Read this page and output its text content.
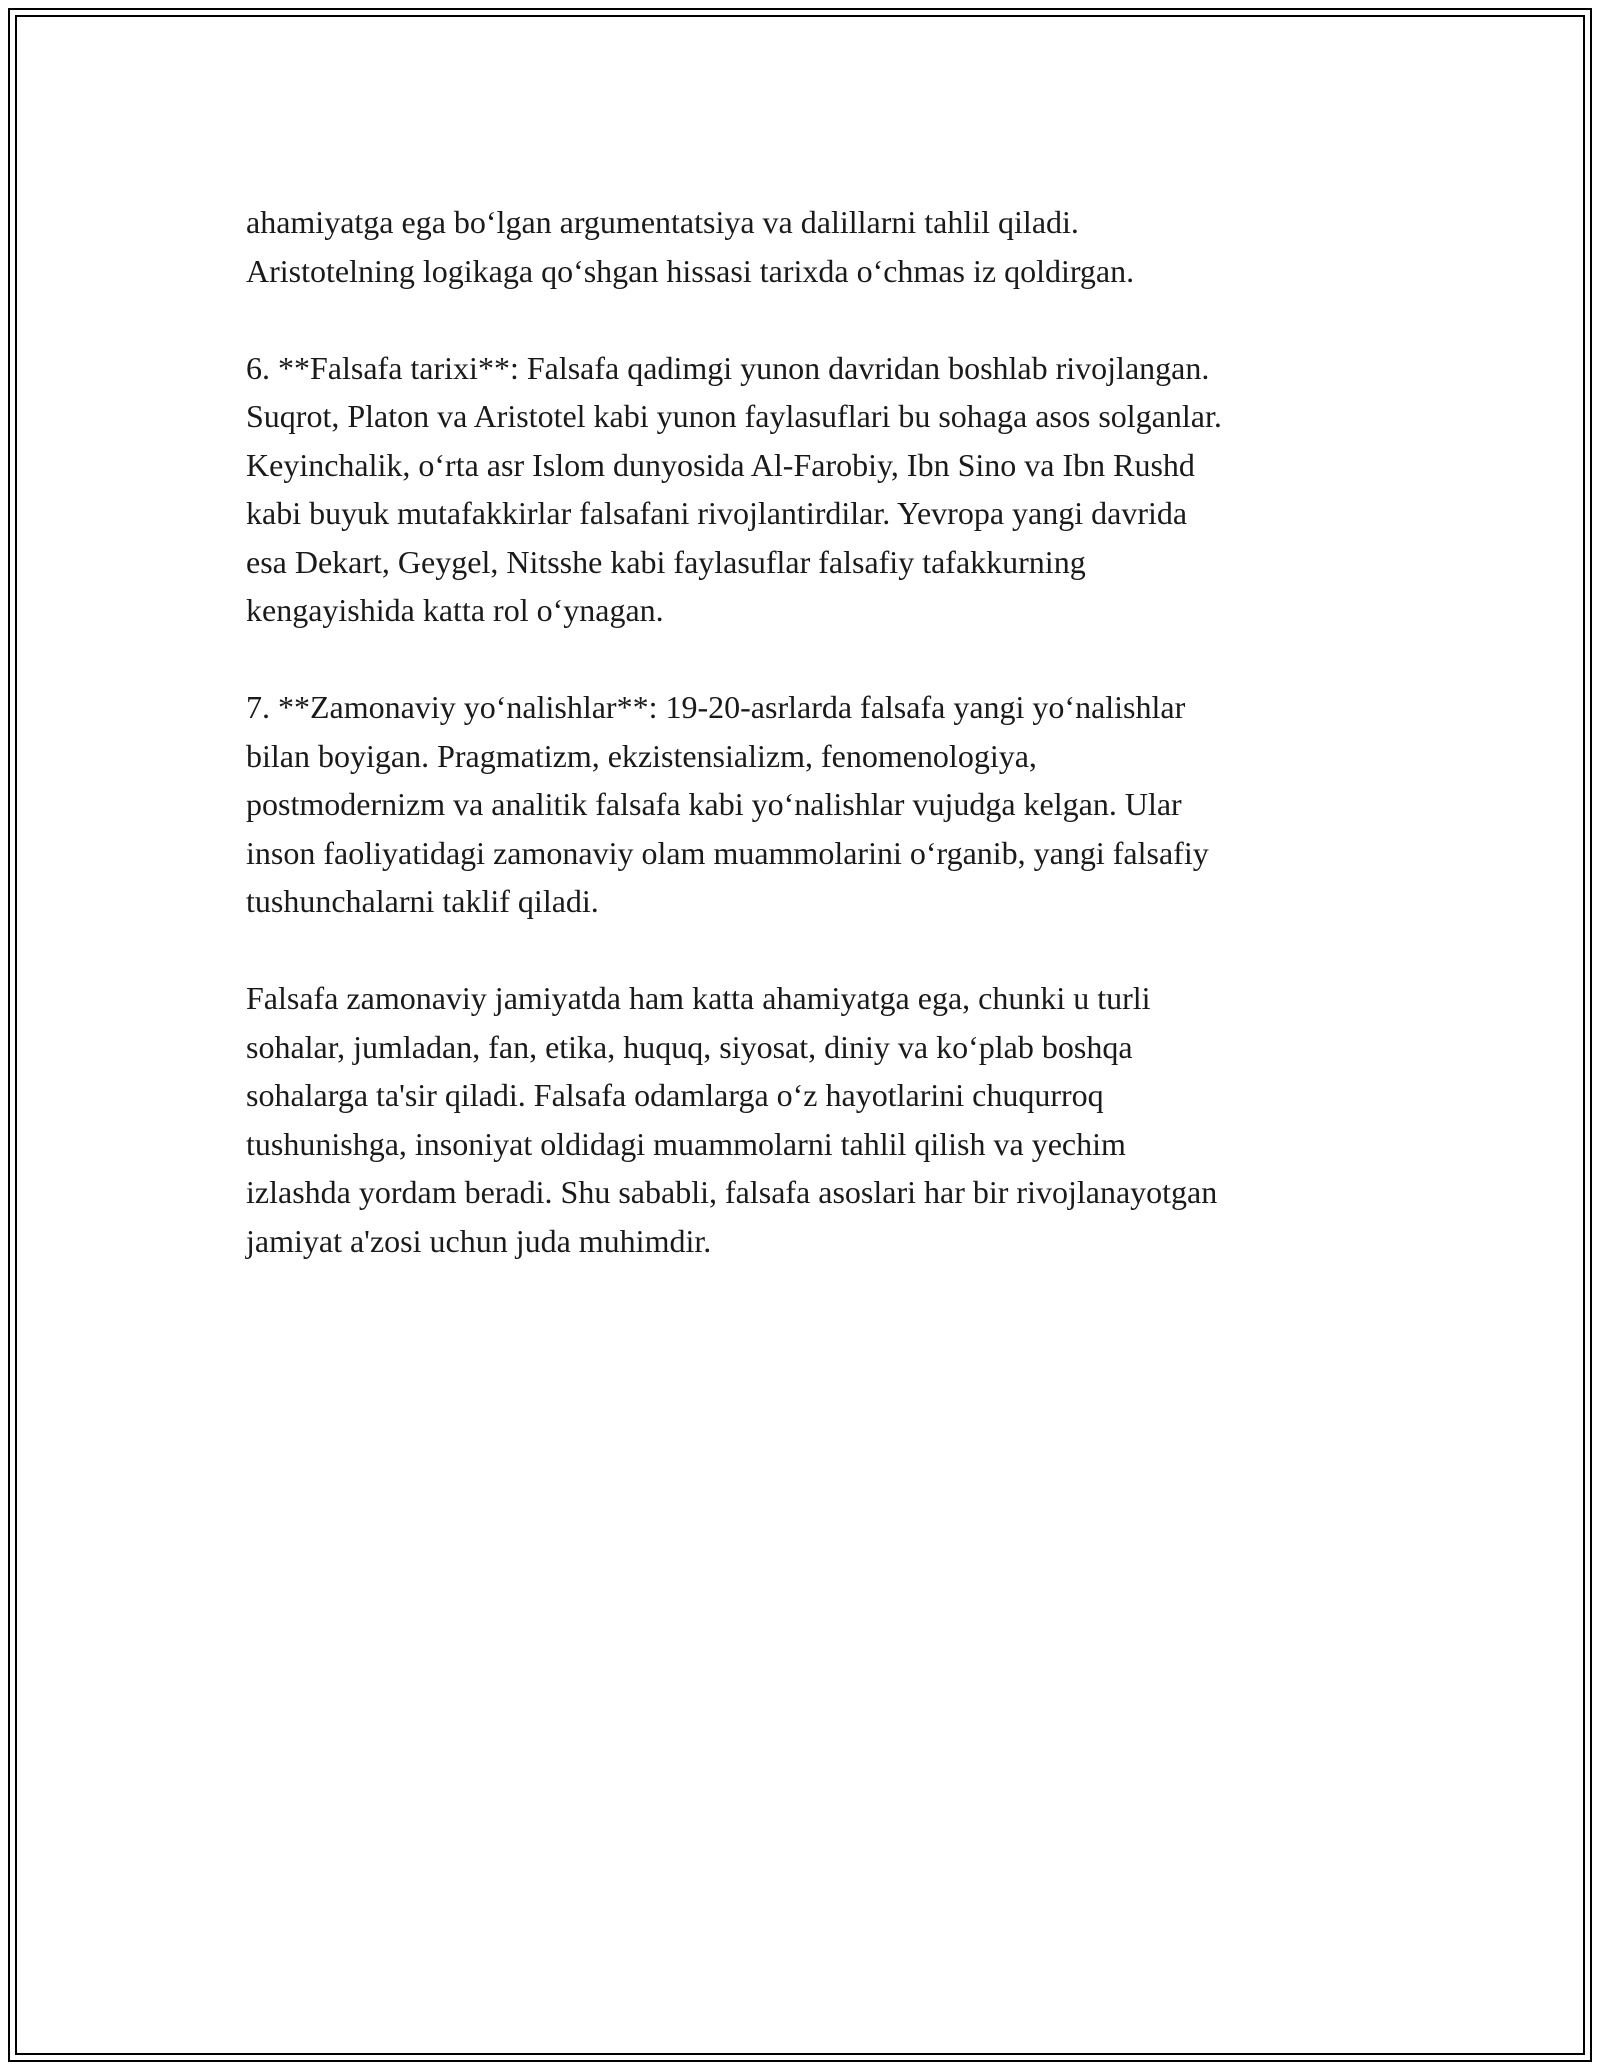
ahamiyatga ega bo‘lgan argumentatsiya va dalillarni tahlil qiladi.
Aristotelning logikaga qo‘shgan hissasi tarixda o‘chmas iz qoldirgan.

6. **Falsafa tarixi**: Falsafa qadimgi yunon davridan boshlab rivojlangan.
Suqrot, Platon va Aristotel kabi yunon faylasuflari bu sohaga asos solganlar.
Keyinchalik, o‘rta asr Islom dunyosida Al-Farobiy, Ibn Sino va Ibn Rushd
kabi buyuk mutafakkirlar falsafani rivojlantirdilar. Yevropa yangi davrida
esa Dekart, Geygel, Nitsshe kabi faylasuflar falsafiy tafakkurning
kengayishida katta rol o‘ynagan.

7. **Zamonaviy yo‘nalishlar**: 19-20-asrlarda falsafa yangi yo‘nalishlar
bilan boyigan. Pragmatizm, ekzistensializm, fenomenologiya,
postmodernizm va analitik falsafa kabi yo‘nalishlar vujudga kelgan. Ular
inson faoliyatidagi zamonaviy olam muammolarini o‘rganib, yangi falsafiy
tushunchalarni taklif qiladi.

Falsafa zamonaviy jamiyatda ham katta ahamiyatga ega, chunki u turli
sohalar, jumladan, fan, etika, huquq, siyosat, diniy va ko‘plab boshqa
sohalarga ta'sir qiladi. Falsafa odamlarga o‘z hayotlarini chuqurroq
tushunishga, insoniyat oldidagi muammolarni tahlil qilish va yechim
izlashda yordam beradi. Shu sababli, falsafa asoslari har bir rivojlanayotgan
jamiyat a'zosi uchun juda muhimdir.
